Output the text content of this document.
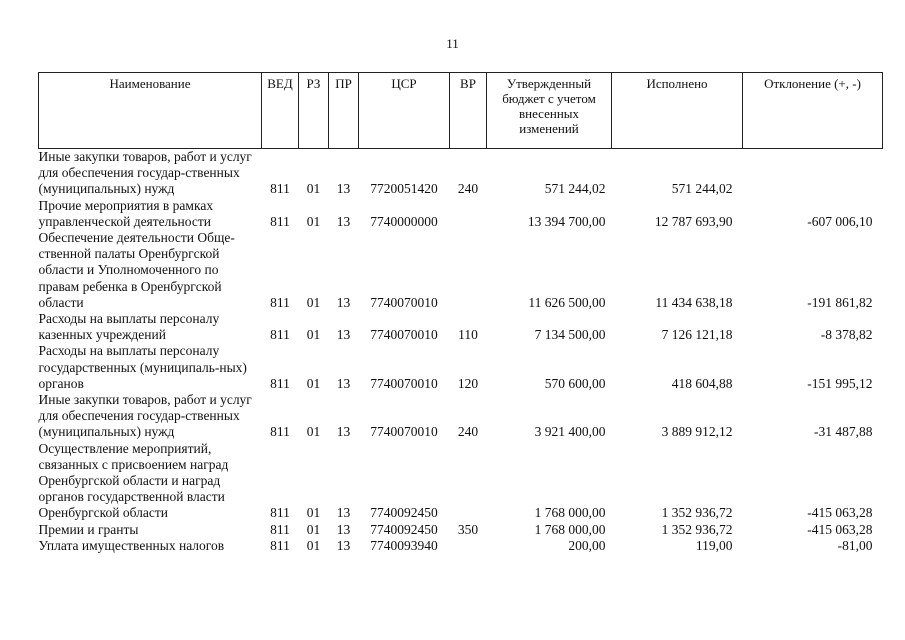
11
Наименование	ВЕД	РЗ	ПР	ЦСР	ВР	Утвержденный бюджет с учетом внесенных изменений	Исполнено	Отклонение (+, -)
Иные закупки товаров, работ и услуг для обеспечения государ-ственных (муниципальных) нужд	811	01	13	7720051420	240	571 244,02	571 244,02	
Прочие мероприятия в рамках управленческой деятельности	811	01	13	7740000000		13 394 700,00	12 787 693,90	-607 006,10
Обеспечение деятельности Обще-ственной палаты Оренбургской области и Уполномоченного по правам ребенка в Оренбургской области	811	01	13	7740070010		11 626 500,00	11 434 638,18	-191 861,82
Расходы на выплаты персоналу казенных учреждений	811	01	13	7740070010	110	7 134 500,00	7 126 121,18	-8 378,82
Расходы на выплаты персоналу государственных (муниципаль-ных) органов	811	01	13	7740070010	120	570 600,00	418 604,88	-151 995,12
Иные закупки товаров, работ и услуг для обеспечения государ-ственных (муниципальных) нужд	811	01	13	7740070010	240	3 921 400,00	3 889 912,12	-31 487,88
Осуществление мероприятий, связанных с присвоением наград Оренбургской области и наград органов государственной власти Оренбургской области	811	01	13	7740092450		1 768 000,00	1 352 936,72	-415 063,28
Премии и гранты	811	01	13	7740092450	350	1 768 000,00	1 352 936,72	-415 063,28
Уплата имущественных налогов	811	01	13	7740093940		200,00	119,00	-81,00
